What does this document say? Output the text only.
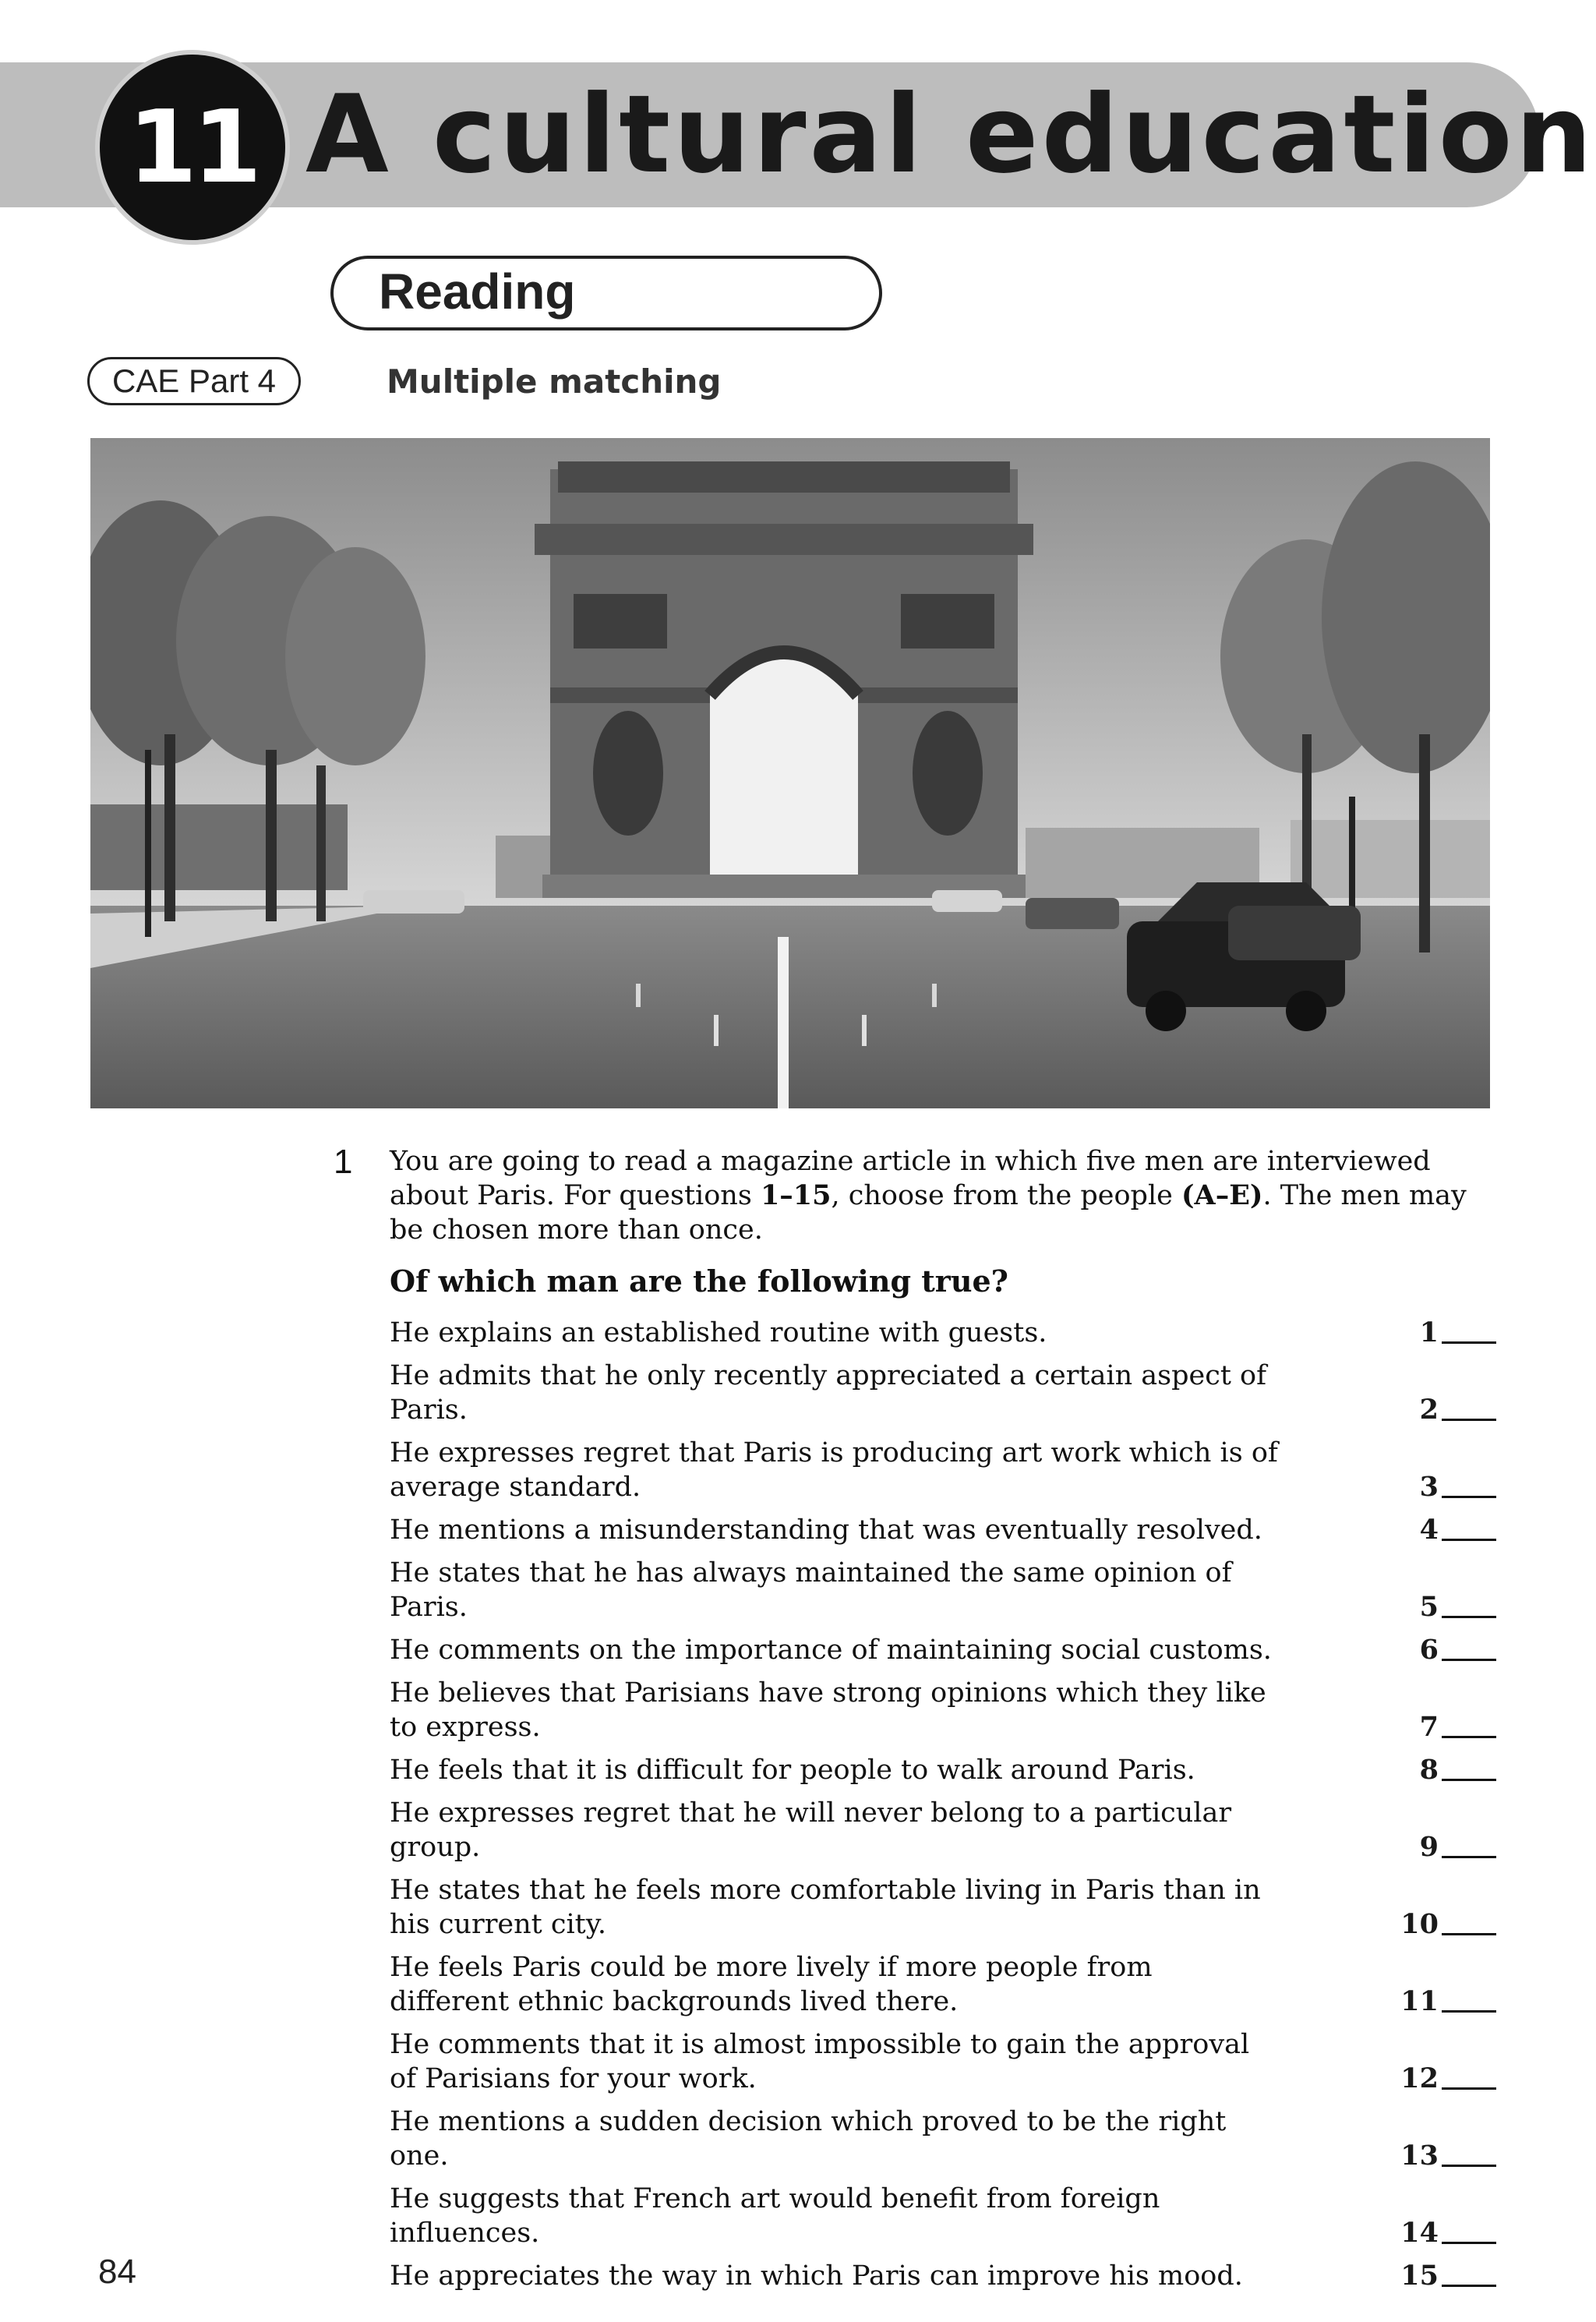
11 A cultural education
Reading
CAE Part 4	Multiple matching
1 You are going to read a magazine article in which five men are interviewed about Paris. For questions 1–15, choose from the people (A–E). The men may be chosen more than once.
Of which man are the following true?
He explains an established routine with guests.	1
He admits that he only recently appreciated a certain aspect of Paris.	2
He expresses regret that Paris is producing art work which is of average standard.	3
He mentions a misunderstanding that was eventually resolved.	4
He states that he has always maintained the same opinion of Paris.	5
He comments on the importance of maintaining social customs.	6
He believes that Parisians have strong opinions which they like to express.	7
He feels that it is difficult for people to walk around Paris.	8
He expresses regret that he will never belong to a particular group.	9
He states that he feels more comfortable living in Paris than in his current city.	10
He feels Paris could be more lively if more people from different ethnic backgrounds lived there.	11
He comments that it is almost impossible to gain the approval of Parisians for your work.	12
He mentions a sudden decision which proved to be the right one.	13
He suggests that French art would benefit from foreign influences.	14
He appreciates the way in which Paris can improve his mood.	15
84
